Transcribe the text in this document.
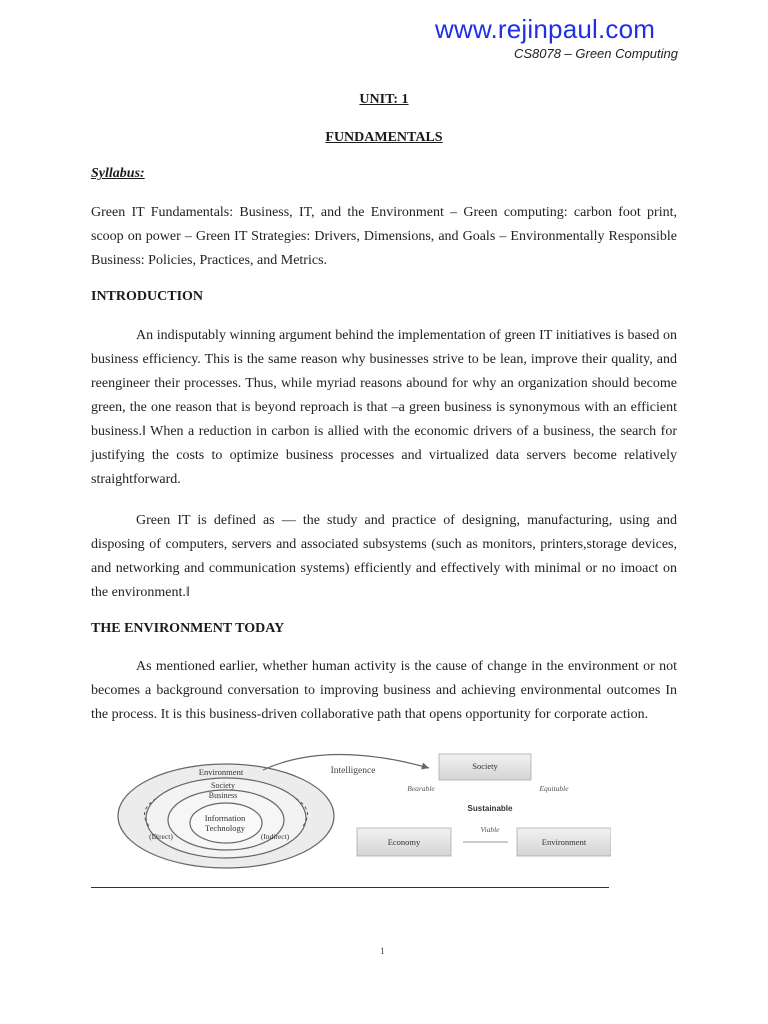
www.rejinpaul.com
CS8078 – Green Computing
UNIT: 1
FUNDAMENTALS
Syllabus:
Green IT Fundamentals: Business, IT, and the Environment – Green computing: carbon foot print, scoop on power – Green IT Strategies: Drivers, Dimensions, and Goals – Environmentally Responsible Business: Policies, Practices, and Metrics.
INTRODUCTION
An indisputably winning argument behind the implementation of green IT initiatives is based on business efficiency. This is the same reason why businesses strive to be lean, improve their quality, and reengineer their processes. Thus, while myriad reasons abound for why an organization should become green, the one reason that is beyond reproach is that –a green business is synonymous with an efficient business.‖ When a reduction in carbon is allied with the economic drivers of a business, the search for justifying the costs to optimize business processes and virtualized data servers become relatively straightforward.
Green IT is defined as — the study and practice of designing, manufacturing, using and disposing of computers, servers and associated subsystems (such as monitors, printers,storage devices, and networking and communication systems) efficiently and effectively with minimal or no imoact on the environment.‖
THE ENVIRONMENT TODAY
As mentioned earlier, whether human activity is the cause of change in the environment or not becomes a background conversation to improving business and achieving environmental outcomes In the process. It is this business-driven collaborative path that opens opportunity for corporate action.
Environment
Society
Business
Information
Technology
(Direct)	(Indirect)
Intelligence	Society
Economy	Environment
Bearable	Equitable
Sustainable
Viable
1
